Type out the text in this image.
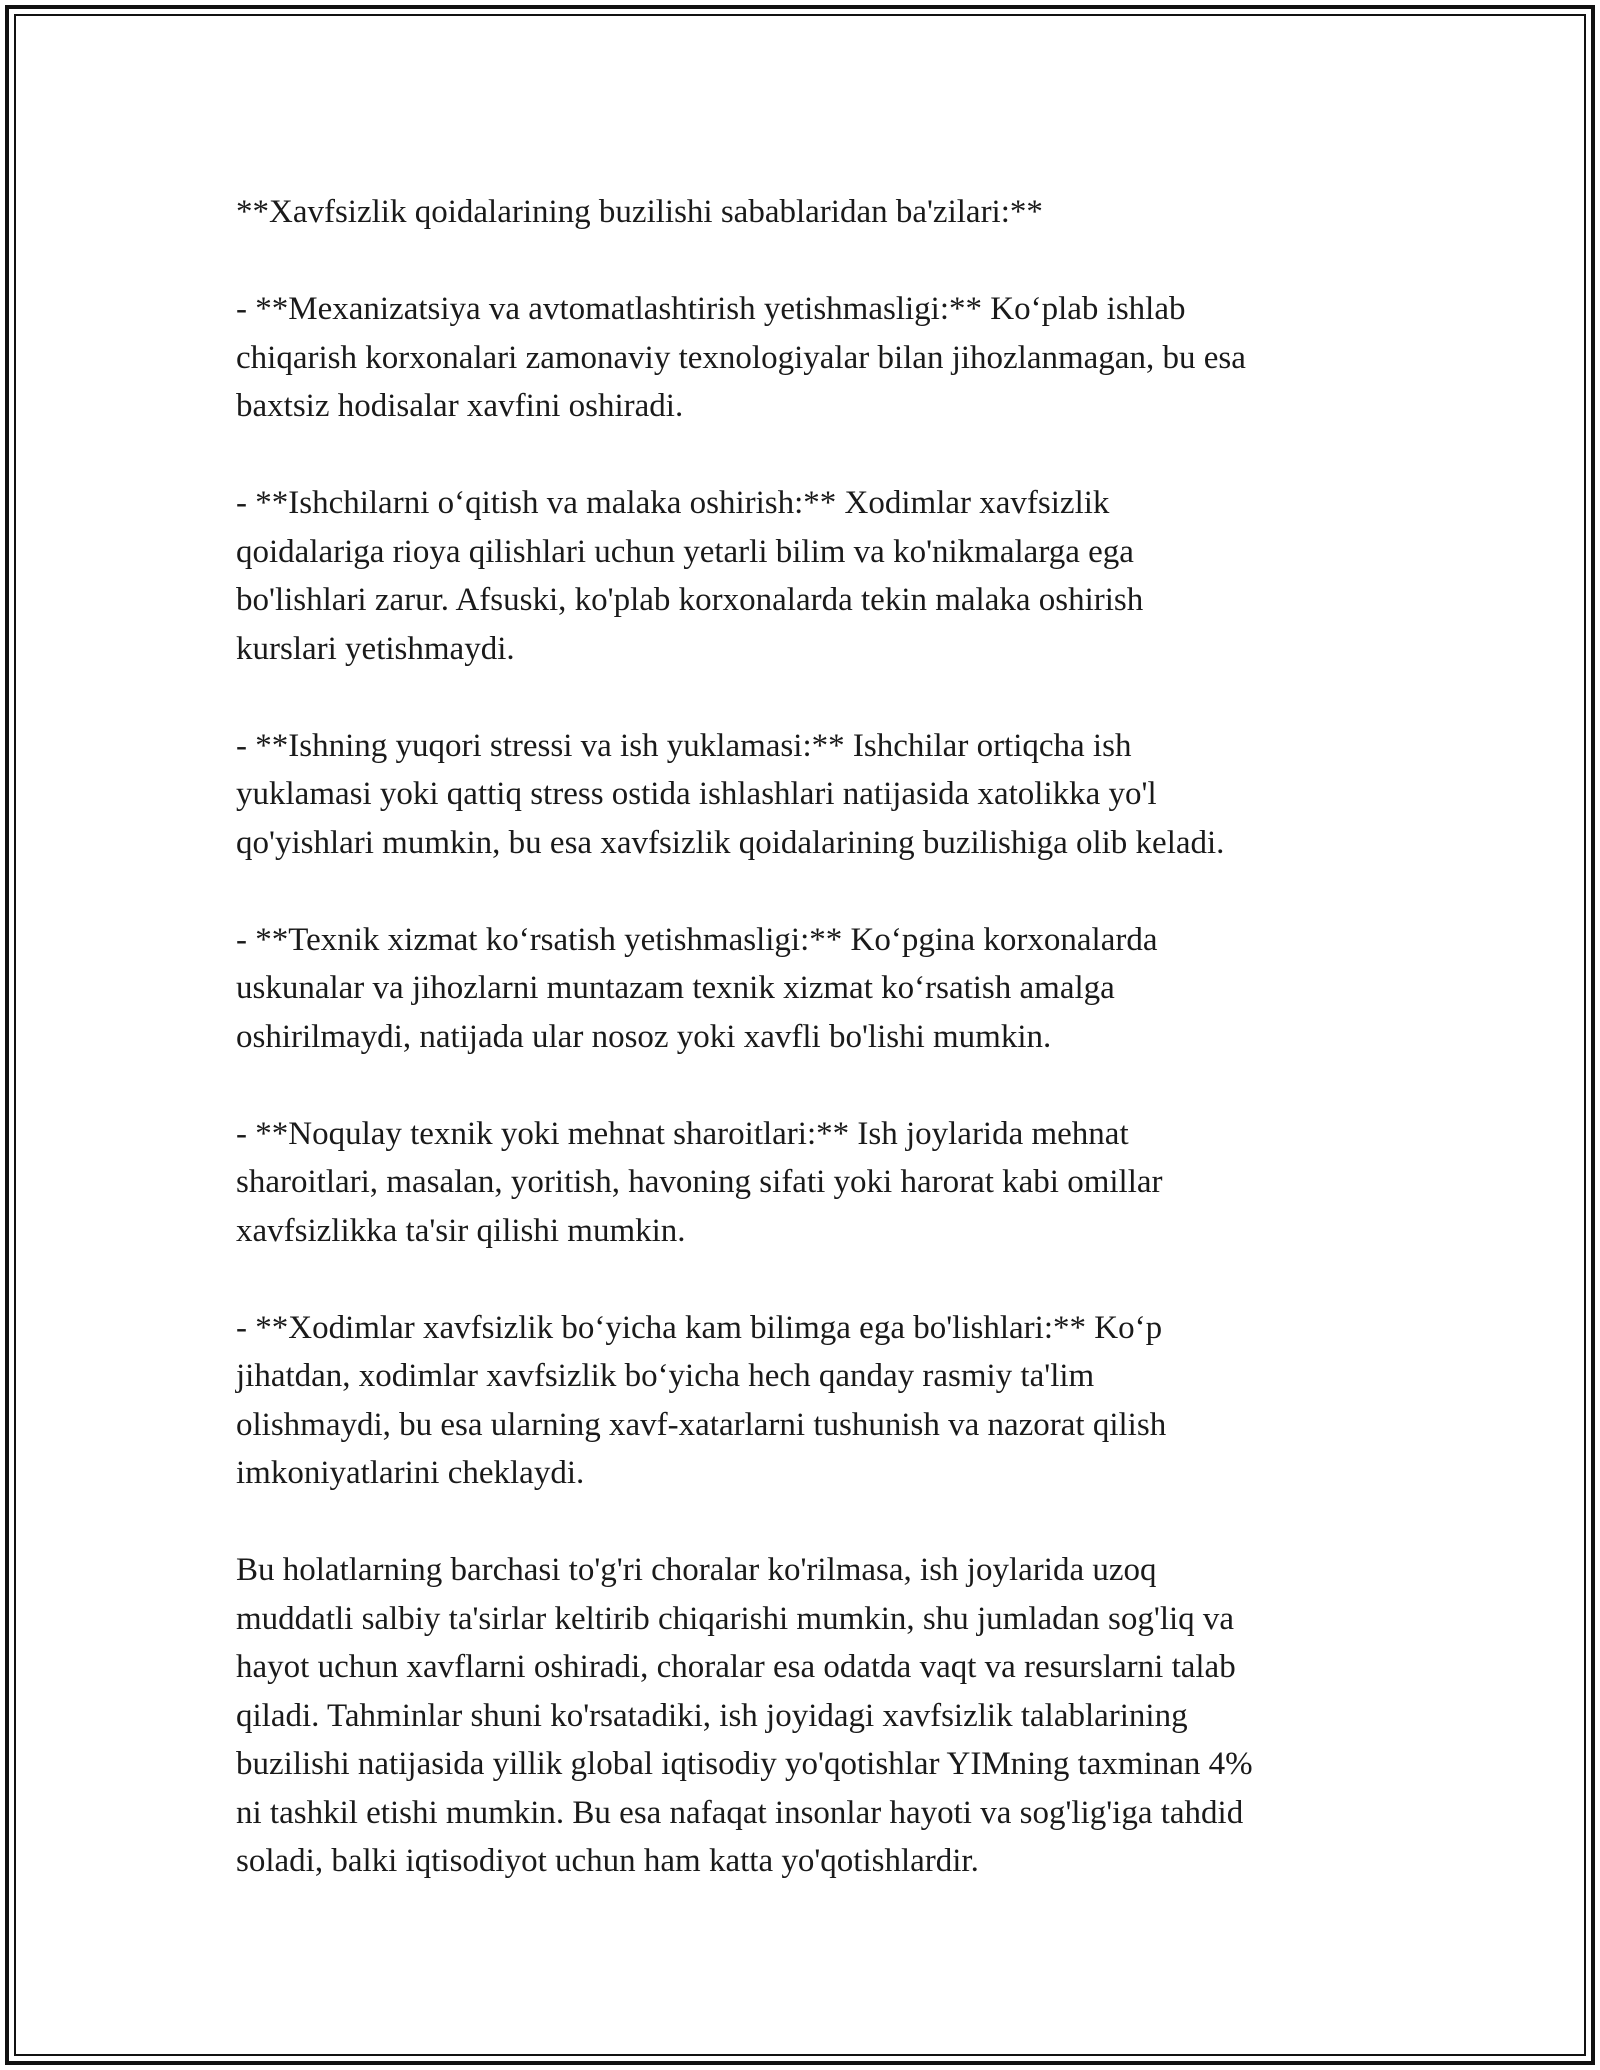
**Xavfsizlik qoidalarining buzilishi sabablaridan ba'zilari:**

- **Mexanizatsiya va avtomatlashtirish yetishmasligi:** Ko‘plab ishlab
chiqarish korxonalari zamonaviy texnologiyalar bilan jihozlanmagan, bu esa
baxtsiz hodisalar xavfini oshiradi.

- **Ishchilarni o‘qitish va malaka oshirish:** Xodimlar xavfsizlik
qoidalariga rioya qilishlari uchun yetarli bilim va ko'nikmalarga ega
bo'lishlari zarur. Afsuski, ko'plab korxonalarda tekin malaka oshirish
kurslari yetishmaydi.

- **Ishning yuqori stressi va ish yuklamasi:** Ishchilar ortiqcha ish
yuklamasi yoki qattiq stress ostida ishlashlari natijasida xatolikka yo'l
qo'yishlari mumkin, bu esa xavfsizlik qoidalarining buzilishiga olib keladi.

- **Texnik xizmat ko‘rsatish yetishmasligi:** Ko‘pgina korxonalarda
uskunalar va jihozlarni muntazam texnik xizmat ko‘rsatish amalga
oshirilmaydi, natijada ular nosoz yoki xavfli bo'lishi mumkin.

- **Noqulay texnik yoki mehnat sharoitlari:** Ish joylarida mehnat
sharoitlari, masalan, yoritish, havoning sifati yoki harorat kabi omillar
xavfsizlikka ta'sir qilishi mumkin.

- **Xodimlar xavfsizlik bo‘yicha kam bilimga ega bo'lishlari:** Ko‘p
jihatdan, xodimlar xavfsizlik bo‘yicha hech qanday rasmiy ta'lim
olishmaydi, bu esa ularning xavf-xatarlarni tushunish va nazorat qilish
imkoniyatlarini cheklaydi.

Bu holatlarning barchasi to'g'ri choralar ko'rilmasa, ish joylarida uzoq
muddatli salbiy ta'sirlar keltirib chiqarishi mumkin, shu jumladan sog'liq va
hayot uchun xavflarni oshiradi, choralar esa odatda vaqt va resurslarni talab
qiladi. Tahminlar shuni ko'rsatadiki, ish joyidagi xavfsizlik talablarining
buzilishi natijasida yillik global iqtisodiy yo'qotishlar YIMning taxminan 4%
ni tashkil etishi mumkin. Bu esa nafaqat insonlar hayoti va sog'lig'iga tahdid
soladi, balki iqtisodiyot uchun ham katta yo'qotishlardir.
